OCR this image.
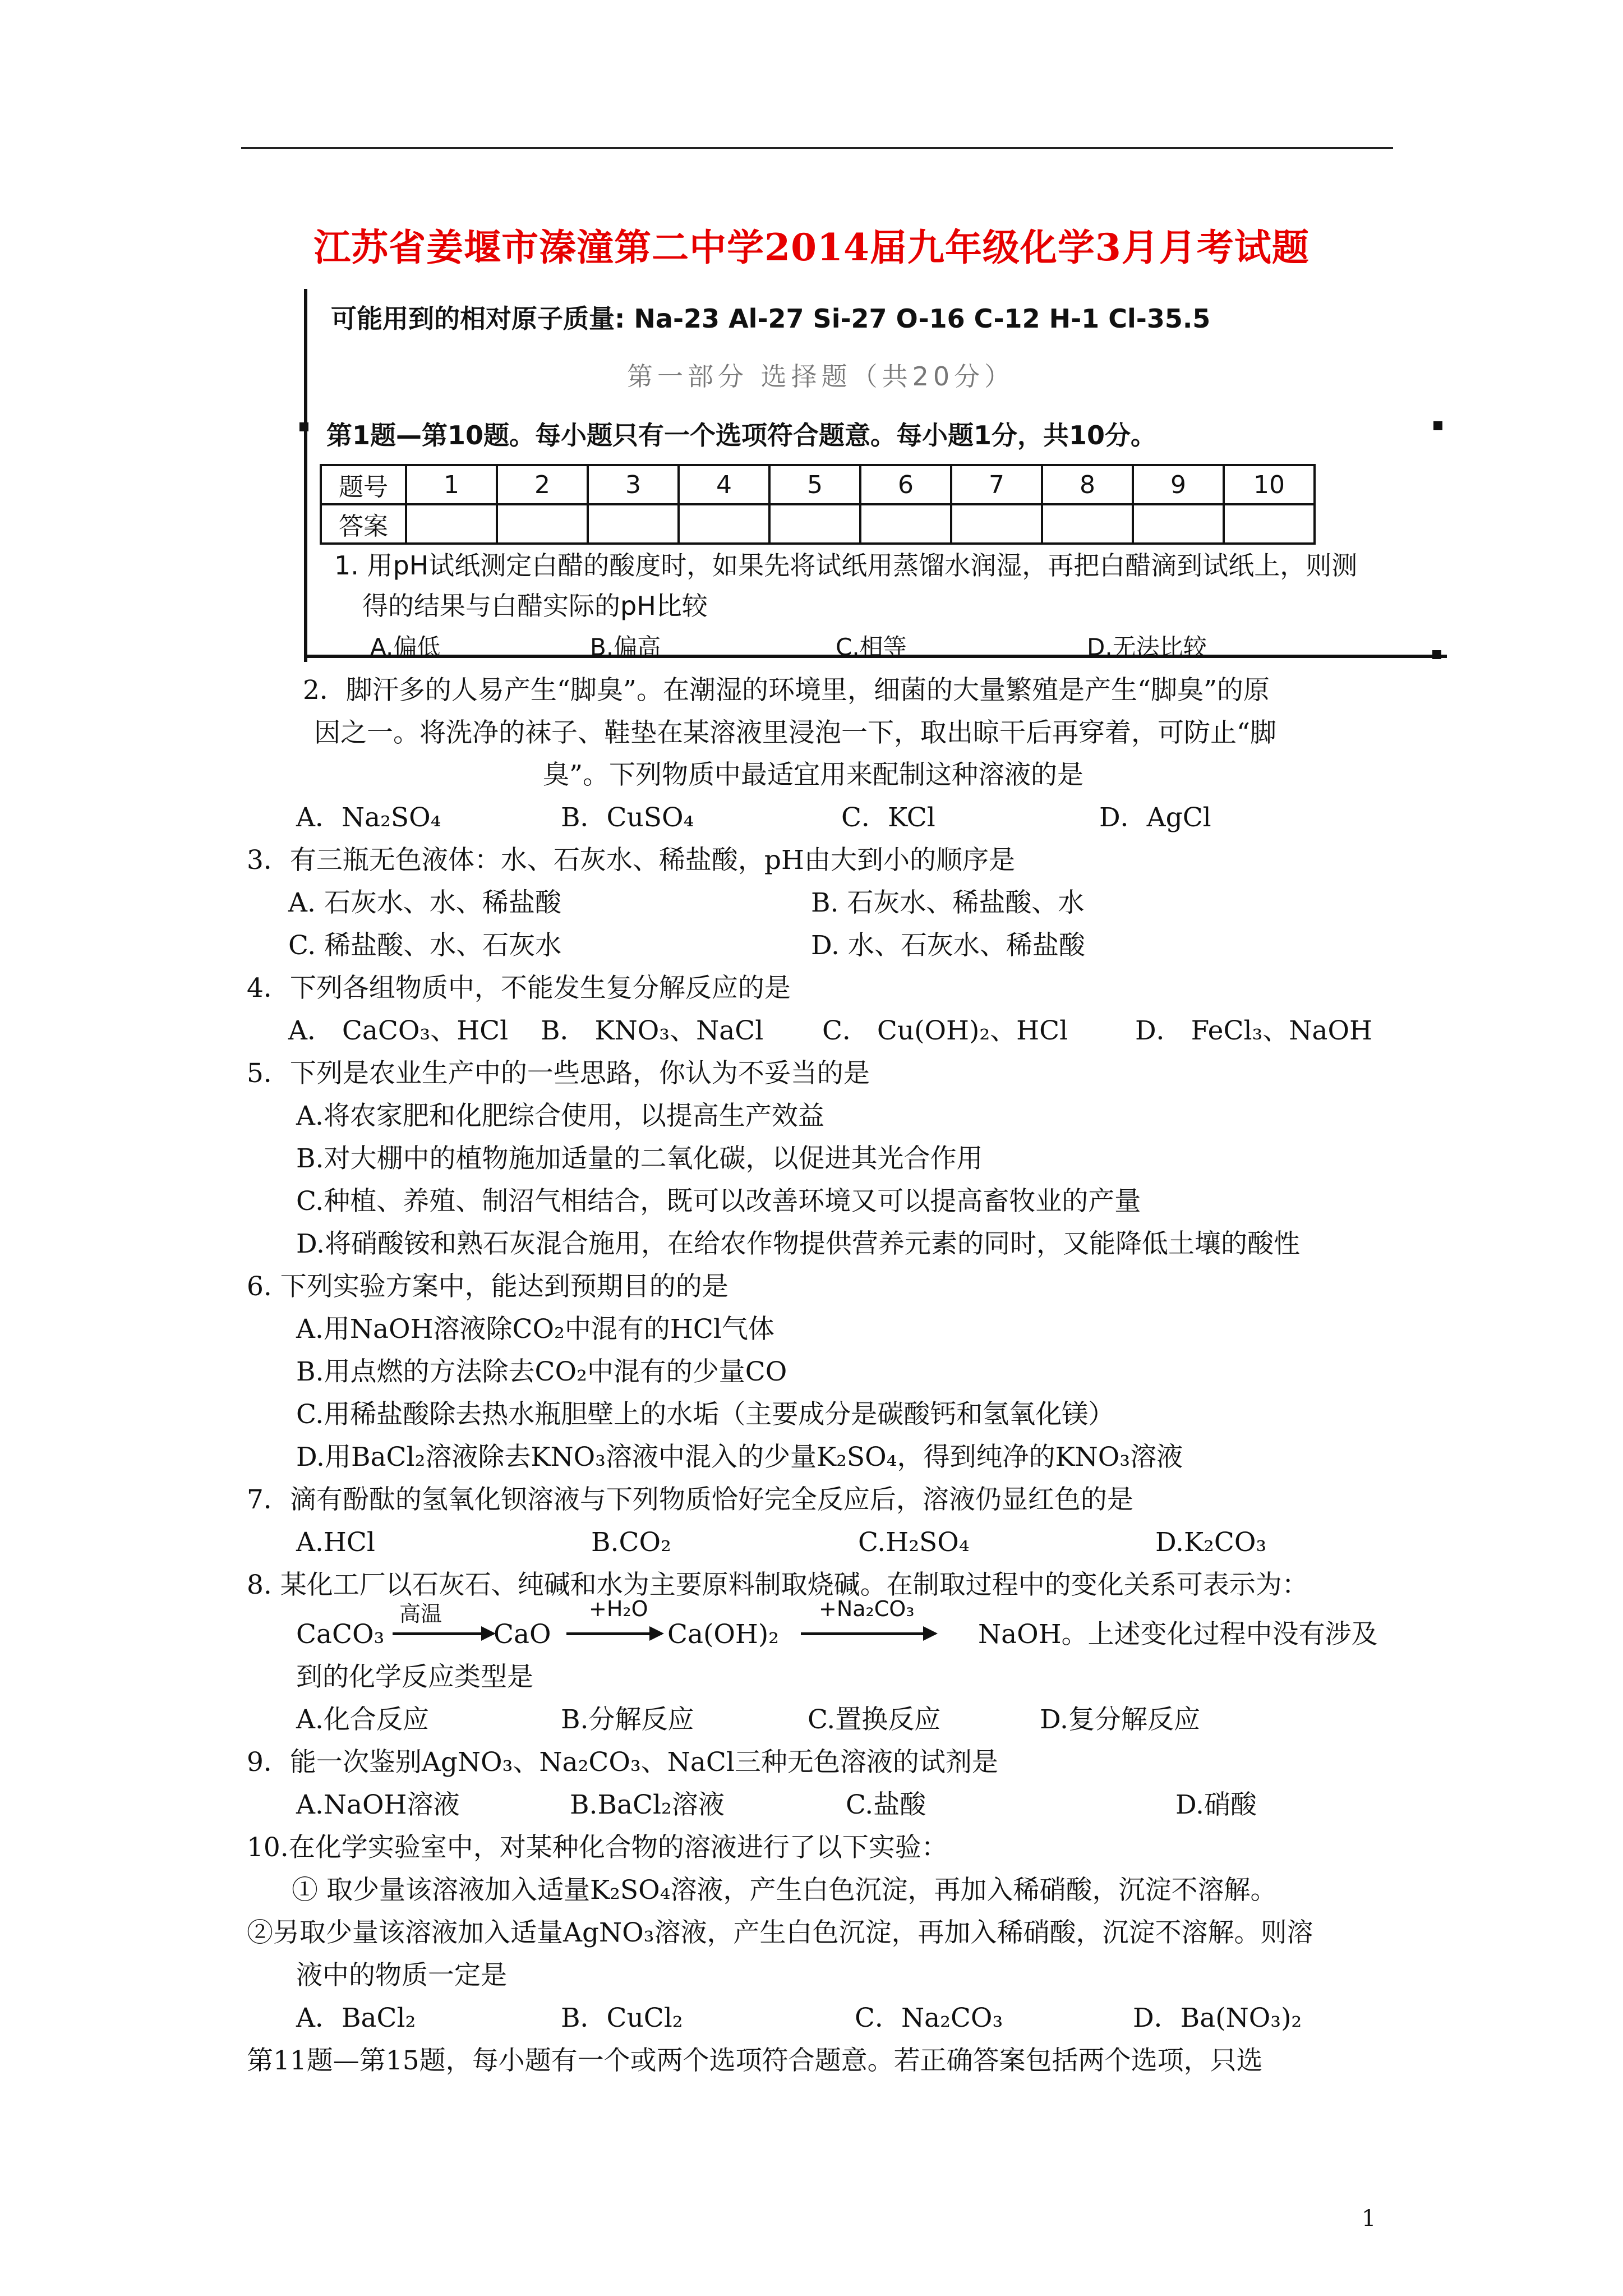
江苏省姜堰市溱潼第二中学2014届九年级化学3月月考试题
可能用到的相对原子质量: Na-23 Al-27 Si-27 O-16 C-12 H-1 Cl-35.5
第一部分 选择题（共20分）
第1题—第10题。每小题只有一个选项符合题意。每小题1分，共10分。
题号	1	2	3	4	5	6	7	8	9	10
答案										
1. 用pH试纸测定白醋的酸度时，如果先将试纸用蒸馏水润湿，再把白醋滴到试纸上，则测
得的结果与白醋实际的pH比较
A.偏低	B.偏高	C.相等	D.无法比较
2．脚汗多的人易产生“脚臭”。在潮湿的环境里，细菌的大量繁殖是产生“脚臭”的原
因之一。将洗净的袜子、鞋垫在某溶液里浸泡一下，取出晾干后再穿着，可防止“脚
臭”。下列物质中最适宜用来配制这种溶液的是
A．Na₂SO₄	B．CuSO₄	C．KCl	D．AgCl
3．有三瓶无色液体：水、石灰水、稀盐酸，pH由大到小的顺序是
A. 石灰水、水、稀盐酸	B. 石灰水、稀盐酸、水
C. 稀盐酸、水、石灰水	D. 水、石灰水、稀盐酸
4．下列各组物质中，不能发生复分解反应的是
A． CaCO₃、HCl B． KNO₃、NaCl C． Cu(OH)₂、HCl	D． FeCl₃、NaOH
5．下列是农业生产中的一些思路，你认为不妥当的是
A.将农家肥和化肥综合使用，以提高生产效益
B.对大棚中的植物施加适量的二氧化碳，以促进其光合作用
C.种植、养殖、制沼气相结合，既可以改善环境又可以提高畜牧业的产量
D.将硝酸铵和熟石灰混合施用，在给农作物提供营养元素的同时，又能降低土壤的酸性
6. 下列实验方案中，能达到预期目的的是
A.用NaOH溶液除CO₂中混有的HCl气体
B.用点燃的方法除去CO₂中混有的少量CO
C.用稀盐酸除去热水瓶胆壁上的水垢（主要成分是碳酸钙和氢氧化镁）
D.用BaCl₂溶液除去KNO₃溶液中混入的少量K₂SO₄，得到纯净的KNO₃溶液
7．滴有酚酞的氢氧化钡溶液与下列物质恰好完全反应后，溶液仍显红色的是
A.HCl	B.CO₂	C.H₂SO₄	D.K₂CO₃
8. 某化工厂以石灰石、纯碱和水为主要原料制取烧碱。在制取过程中的变化关系可表示为：
CaCO₃
高温
CaO
+H₂O
Ca(OH)₂
+Na₂CO₃
NaOH。上述变化过程中没有涉及
到的化学反应类型是
A.化合反应	B.分解反应	C.置换反应	D.复分解反应
9．能一次鉴别AgNO₃、Na₂CO₃、NaCl三种无色溶液的试剂是
A.NaOH溶液	B.BaCl₂溶液	C.盐酸	D.硝酸
10.在化学实验室中，对某种化合物的溶液进行了以下实验：
① 取少量该溶液加入适量K₂SO₄溶液，产生白色沉淀，再加入稀硝酸，沉淀不溶解。
②另取少量该溶液加入适量AgNO₃溶液，产生白色沉淀，再加入稀硝酸，沉淀不溶解。则溶
液中的物质一定是
A．BaCl₂	B．CuCl₂	C．Na₂CO₃	D．Ba(NO₃)₂
第11题—第15题，每小题有一个或两个选项符合题意。若正确答案包括两个选项，只选
1
